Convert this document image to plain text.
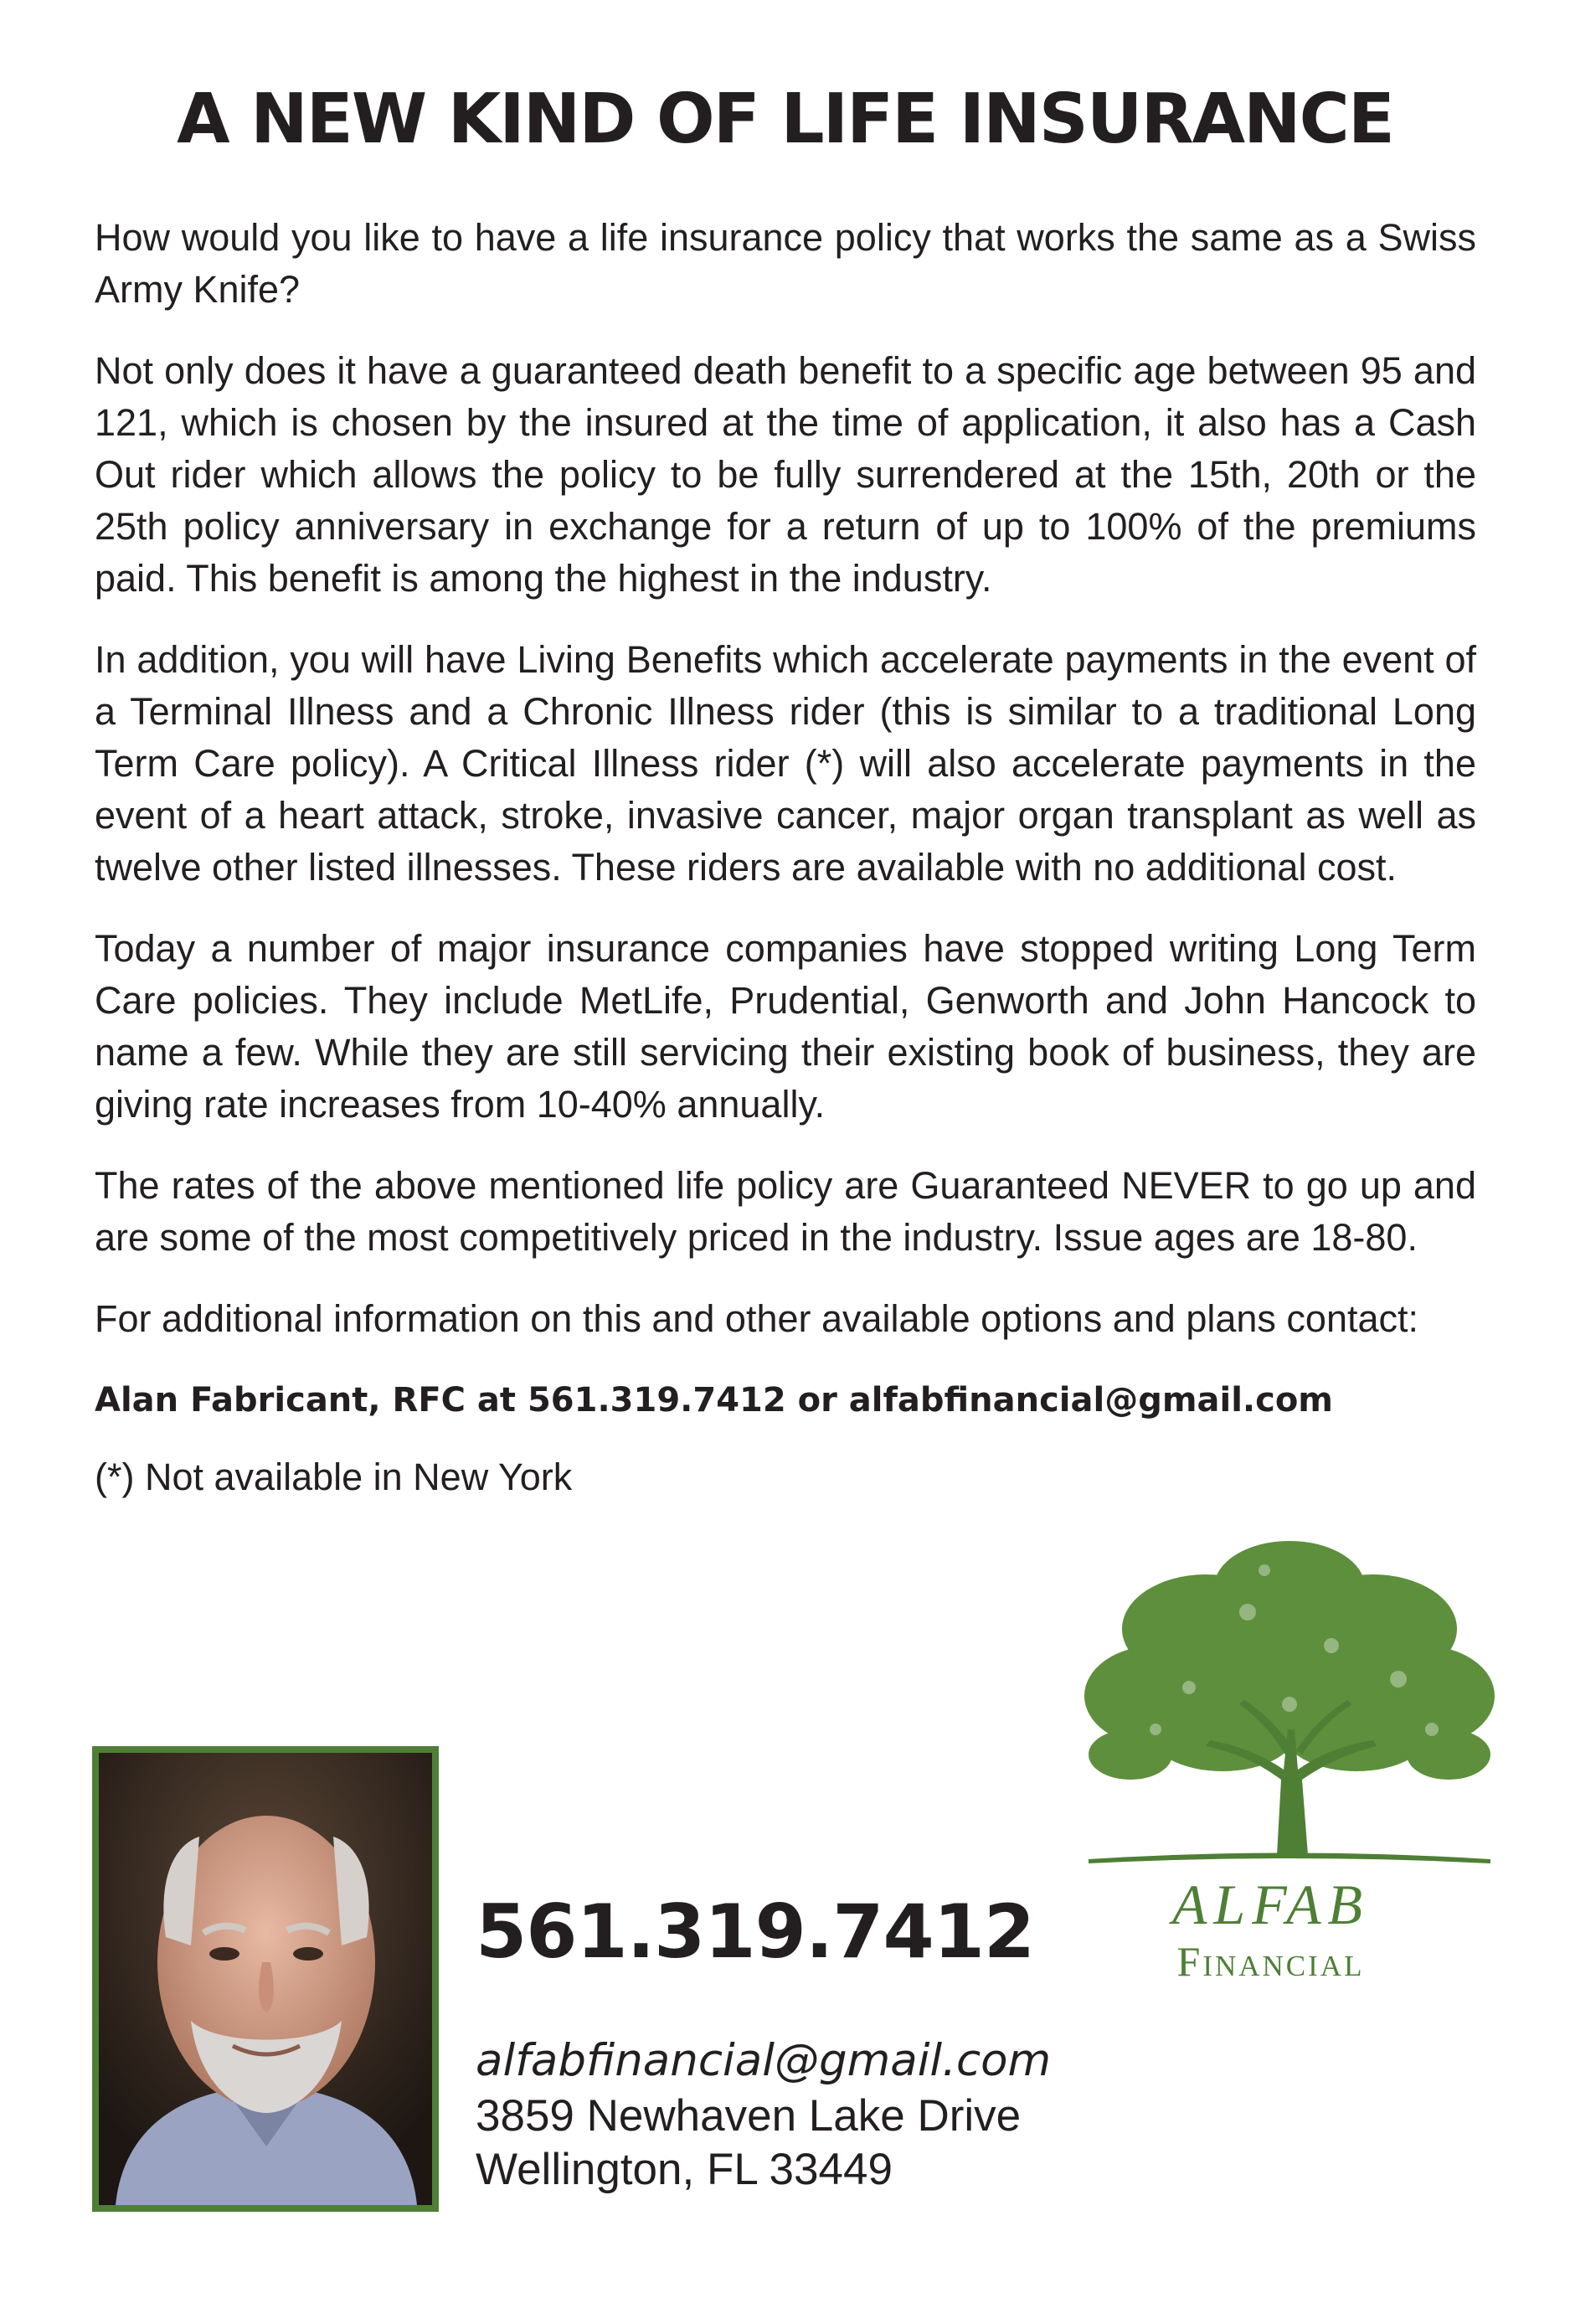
A NEW KIND OF LIFE INSURANCE

How would you like to have a life insurance policy that works the same as a Swiss Army Knife?

Not only does it have a guaranteed death benefit to a specific age between 95 and 121, which is chosen by the insured at the time of application, it also has a Cash Out rider which allows the policy to be fully surrendered at the 15th, 20th or the 25th policy anniversary in exchange for a return of up to 100% of the premiums paid. This benefit is among the highest in the industry.

In addition, you will have Living Benefits which accelerate payments in the event of a Terminal Illness and a Chronic Illness rider (this is similar to a traditional Long Term Care policy). A Critical Illness rider (*) will also accelerate payments in the event of a heart attack, stroke, invasive cancer, major organ transplant as well as twelve other listed illnesses. These riders are available with no additional cost.

Today a number of major insurance companies have stopped writing Long Term Care policies. They include MetLife, Prudential, Genworth and John Hancock to name a few. While they are still servicing their existing book of business, they are giving rate increases from 10-40% annually.

The rates of the above mentioned life policy are Guaranteed NEVER to go up and are some of the most competitively priced in the industry. Issue ages are 18-80.

For additional information on this and other available options and plans contact:

Alan Fabricant, RFC at 561.319.7412 or alfabfinancial@gmail.com

(*) Not available in New York

561.319.7412
alfabfinancial@gmail.com
3859 Newhaven Lake Drive
Wellington, FL 33449
ALFAB
Financial
